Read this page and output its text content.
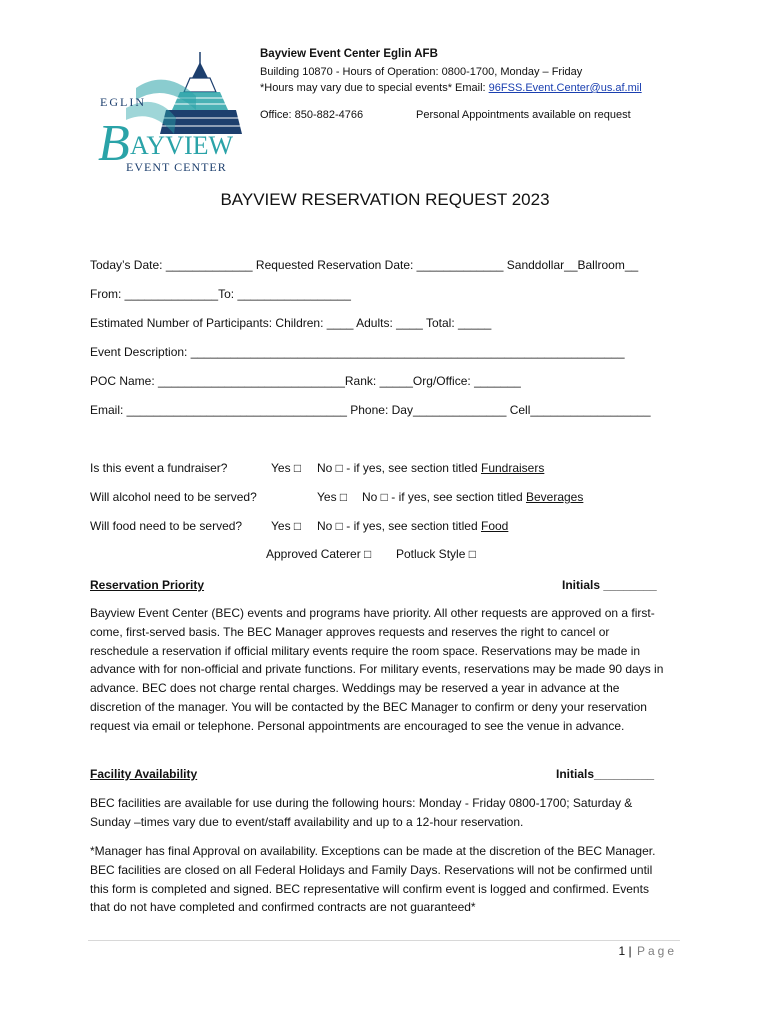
EGLIN
B AYVIEW
EVENT CENTER
Bayview Event Center Eglin AFB
Building 10870 - Hours of Operation: 0800-1700, Monday – Friday
*Hours may vary due to special events* Email: 96FSS.Event.Center@us.af.mil
Office: 850-882-4766	Personal Appointments available on request
BAYVIEW RESERVATION REQUEST 2023
Today’s Date: _____________ Requested Reservation Date: _____________ Sanddollar__Ballroom__
From: ______________To: _________________
Estimated Number of Participants: Children: ____ Adults: ____ Total: _____
Event Description: _________________________________________________________________
POC Name: ____________________________Rank: _____Org/Office: _______
Email: _________________________________ Phone: Day______________ Cell__________________
Is this event a fundraiser?	Yes □ No □ - if yes, see section titled Fundraisers
Will alcohol need to be served?	Yes □ No □ - if yes, see section titled Beverages
Will food need to be served? Yes □ No □ - if yes, see section titled Food
Approved Caterer □ Potluck Style □
Reservation Priority	Initials ________
Bayview Event Center (BEC) events and programs have priority. All other requests are approved on a first-come, first-served basis. The BEC Manager approves requests and reserves the right to cancel or reschedule a reservation if official military events require the room space. Reservations may be made in advance with for non-official and private functions. For military events, reservations may be made 90 days in advance. BEC does not charge rental charges. Weddings may be reserved a year in advance at the discretion of the manager. You will be contacted by the BEC Manager to confirm or deny your reservation request via email or telephone. Personal appointments are encouraged to see the venue in advance.
Facility Availability	Initials_________
BEC facilities are available for use during the following hours: Monday - Friday 0800-1700; Saturday & Sunday –times vary due to event/staff availability and up to a 12-hour reservation.
*Manager has final Approval on availability. Exceptions can be made at the discretion of the BEC Manager. BEC facilities are closed on all Federal Holidays and Family Days. Reservations will not be confirmed until this form is completed and signed. BEC representative will confirm event is logged and confirmed. Events that do not have completed and confirmed contracts are not guaranteed*
1 | Page
